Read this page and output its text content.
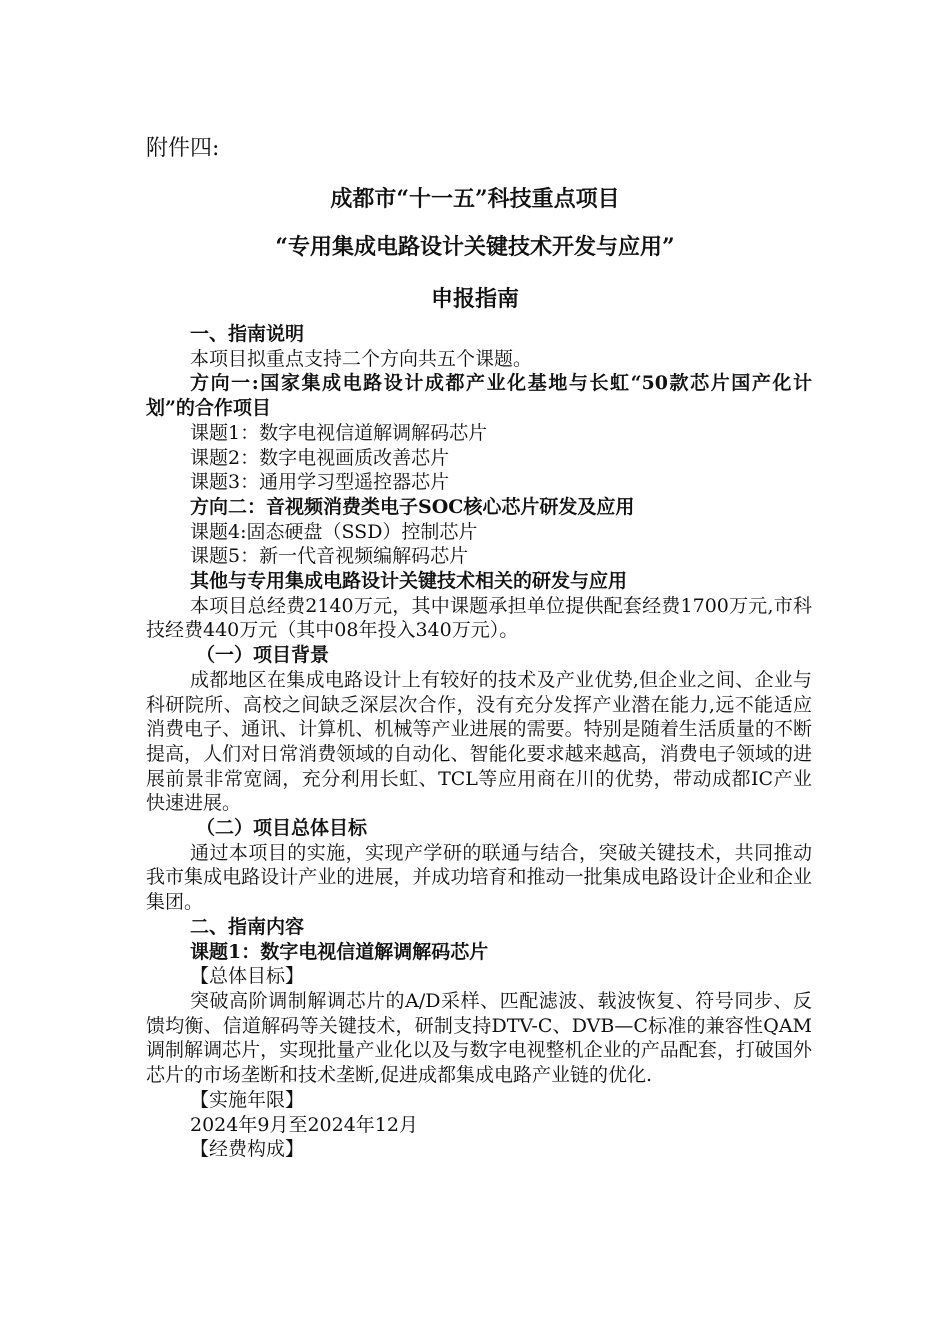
附件四:

成都市“十一五”科技重点项目
“专用集成电路设计关键技术开发与应用”
申报指南

一、指南说明

本项目拟重点支持二个方向共五个课题。

方向一:国家集成电路设计成都产业化基地与长虹“50款芯片国产化计划”的合作项目

课题1：数字电视信道解调解码芯片

课题2：数字电视画质改善芯片

课题3：通用学习型遥控器芯片

方向二：音视频消费类电子SOC核心芯片研发及应用

课题4:固态硬盘（SSD）控制芯片

课题5：新一代音视频编解码芯片

其他与专用集成电路设计关键技术相关的研发与应用

本项目总经费2140万元，其中课题承担单位提供配套经费1700万元,市科技经费440万元（其中08年投入340万元）。

（一）项目背景

成都地区在集成电路设计上有较好的技术及产业优势,但企业之间、企业与科研院所、高校之间缺乏深层次合作，没有充分发挥产业潜在能力,远不能适应消费电子、通讯、计算机、机械等产业进展的需要。特别是随着生活质量的不断提高，人们对日常消费领域的自动化、智能化要求越来越高，消费电子领域的进展前景非常宽阔，充分利用长虹、TCL等应用商在川的优势，带动成都IC产业快速进展。

（二）项目总体目标

通过本项目的实施，实现产学研的联通与结合，突破关键技术，共同推动我市集成电路设计产业的进展，并成功培育和推动一批集成电路设计企业和企业集团。

二、指南内容

课题1：数字电视信道解调解码芯片

【总体目标】

突破高阶调制解调芯片的A/D采样、匹配滤波、载波恢复、符号同步、反馈均衡、信道解码等关键技术，研制支持DTV-C、DVB—C标准的兼容性QAM调制解调芯片，实现批量产业化以及与数字电视整机企业的产品配套，打破国外芯片的市场垄断和技术垄断,促进成都集成电路产业链的优化.

【实施年限】

2024年9月至2024年12月

【经费构成】
